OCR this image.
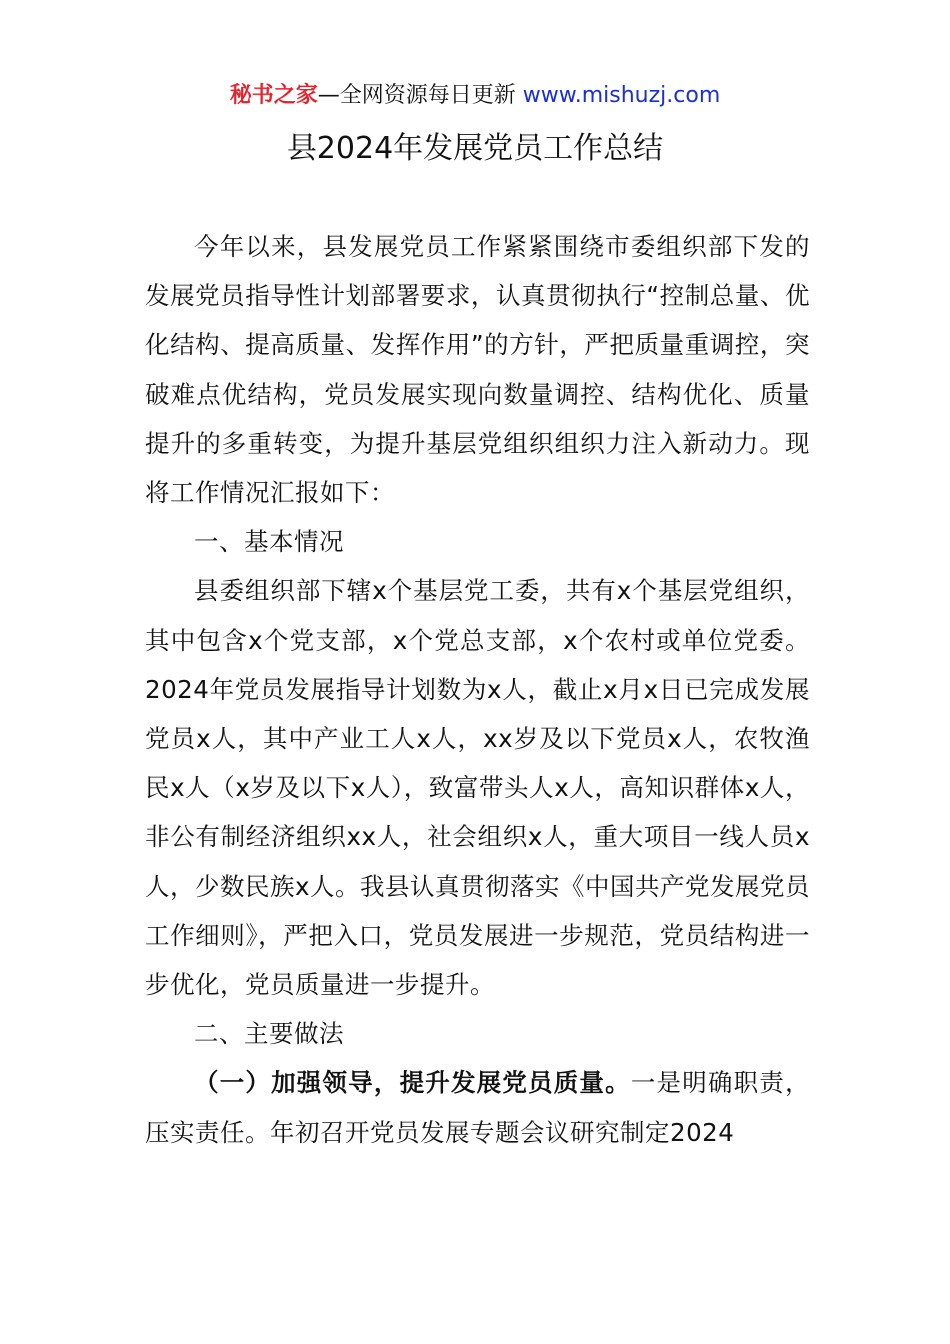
秘书之家—全网资源每日更新 www.mishuzj.com
县2024年发展党员工作总结

今年以来，县发展党员工作紧紧围绕市委组织部下发的发展党员指导性计划部署要求，认真贯彻执行“控制总量、优化结构、提高质量、发挥作用”的方针，严把质量重调控，突破难点优结构，党员发展实现向数量调控、结构优化、质量提升的多重转变，为提升基层党组织组织力注入新动力。现将工作情况汇报如下：

一、基本情况

县委组织部下辖x个基层党工委，共有x个基层党组织，其中包含x个党支部，x个党总支部，x个农村或单位党委。2024年党员发展指导计划数为x人，截止x月x日已完成发展党员x人，其中产业工人x人，xx岁及以下党员x人，农牧渔民x人（x岁及以下x人），致富带头人x人，高知识群体x人，非公有制经济组织xx人，社会组织x人，重大项目一线人员x人，少数民族x人。我县认真贯彻落实《中国共产党发展党员工作细则》，严把入口，党员发展进一步规范，党员结构进一步优化，党员质量进一步提升。

二、主要做法

（一）加强领导，提升发展党员质量。一是明确职责，压实责任。年初召开党员发展专题会议研究制定2024
